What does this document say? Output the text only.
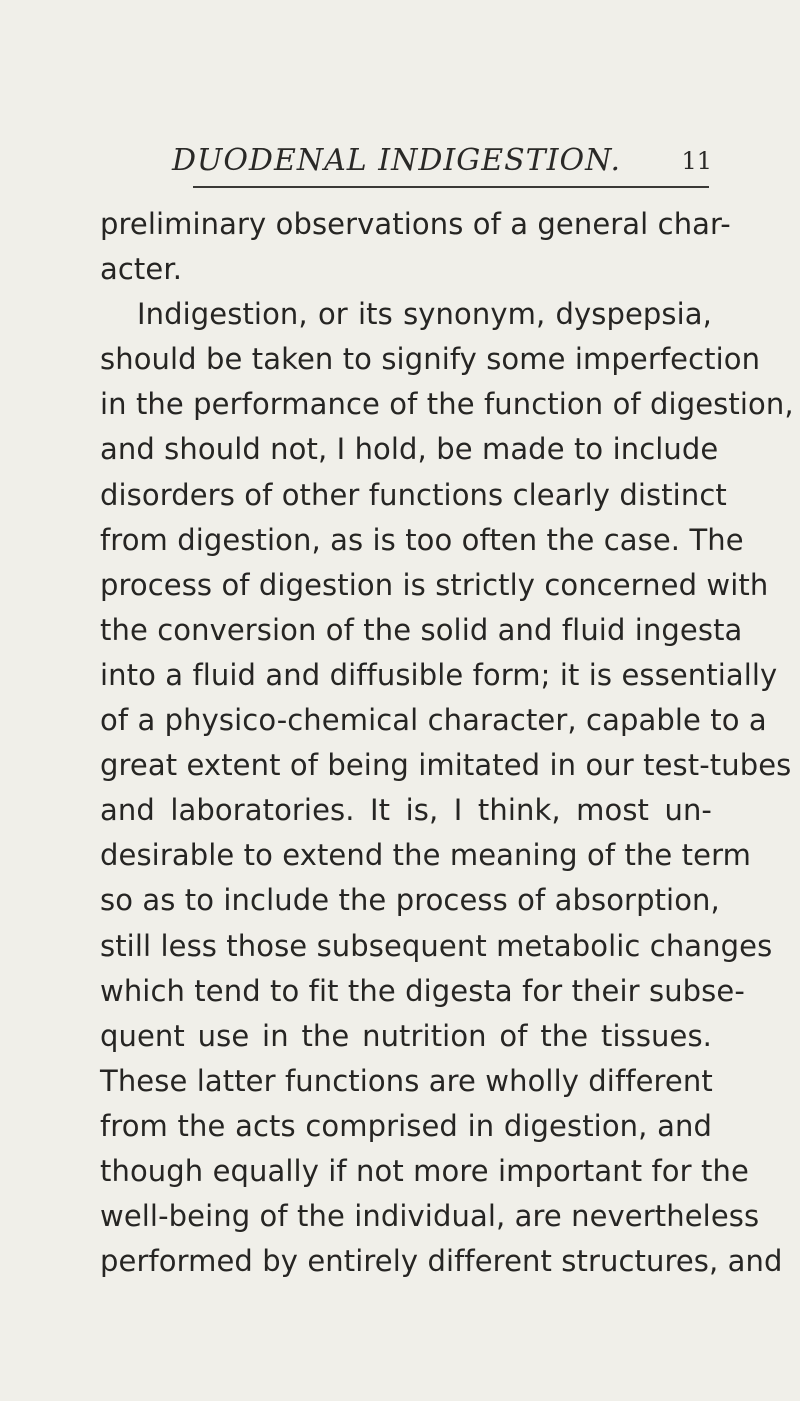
DUODENAL INDIGESTION.	11
preliminary observations of a general char-
acter.
Indigestion, or its synonym, dyspepsia,
should be taken to signify some imperfection
in the performance of the function of digestion,
and should not, I hold, be made to include
disorders of other functions clearly distinct
from digestion, as is too often the case. The
process of digestion is strictly concerned with
the conversion of the solid and fluid ingesta
into a fluid and diffusible form; it is essentially
of a physico-chemical character, capable to a
great extent of being imitated in our test-tubes
and laboratories. It is, I think, most un-
desirable to extend the meaning of the term
so as to include the process of absorption,
still less those subsequent metabolic changes
which tend to fit the digesta for their subse-
quent use in the nutrition of the tissues.
These latter functions are wholly different
from the acts comprised in digestion, and
though equally if not more important for the
well-being of the individual, are nevertheless
performed by entirely different structures, and
